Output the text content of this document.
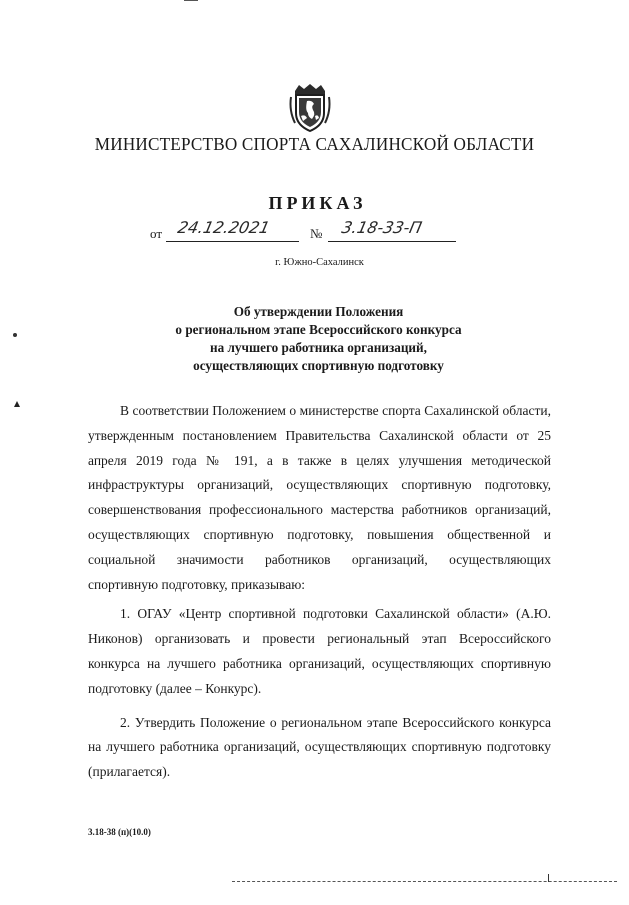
МИНИСТЕРСТВО СПОРТА САХАЛИНСКОЙ ОБЛАСТИ
ПРИКАЗ
от 24.12.2021	№ 3.18-33-П
г. Южно-Сахалинск
Об утверждении Положения
о региональном этапе Всероссийского конкурса
на лучшего работника организаций,
осуществляющих спортивную подготовку

В соответствии Положением о министерстве спорта Сахалинской области, утвержденным постановлением Правительства Сахалинской области от 25 апреля 2019 года № 191, а в также в целях улучшения методической инфраструктуры организаций, осуществляющих спортивную подготовку, совершенствования профессионального мастерства работников организаций, осуществляющих спортивную подготовку, повышения общественной и социальной значимости работников организаций, осуществляющих спортивную подготовку, приказываю:

1. ОГАУ «Центр спортивной подготовки Сахалинской области» (А.Ю. Никонов) организовать и провести региональный этап Всероссийского конкурса на лучшего работника организаций, осуществляющих спортивную подготовку (далее – Конкурс).

2. Утвердить Положение о региональном этапе Всероссийского конкурса на лучшего работника организаций, осуществляющих спортивную подготовку (прилагается).

3.18-38 (п)(10.0)
